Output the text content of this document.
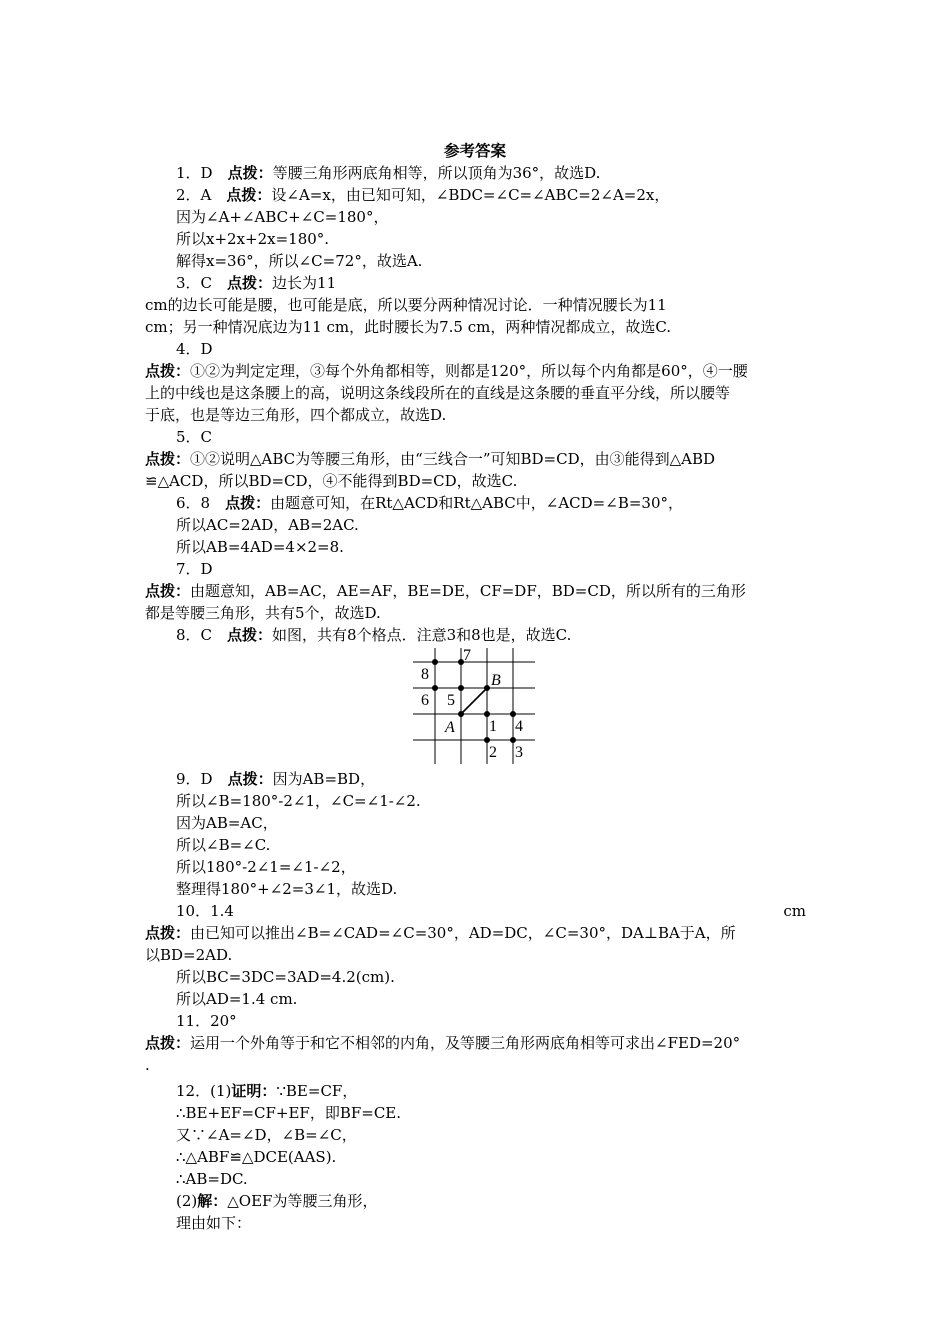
参考答案
1．D　点拨：等腰三角形两底角相等，所以顶角为36°，故选D.
2．A　点拨：设∠A=x，由已知可知，∠BDC=∠C=∠ABC=2∠A=2x，
因为∠A+∠ABC+∠C=180°，
所以x+2x+2x=180°.
解得x=36°，所以∠C=72°，故选A.
3．C　点拨：边长为11
cm的边长可能是腰，也可能是底，所以要分两种情况讨论．一种情况腰长为11
cm；另一种情况底边为11 cm，此时腰长为7.5 cm，两种情况都成立，故选C.
4．D
点拨：①②为判定定理，③每个外角都相等，则都是120°，所以每个内角都是60°，④一腰
上的中线也是这条腰上的高，说明这条线段所在的直线是这条腰的垂直平分线，所以腰等
于底，也是等边三角形，四个都成立，故选D.
5．C
点拨：①②说明△ABC为等腰三角形，由“三线合一”可知BD=CD，由③能得到△ABD
≌△ACD，所以BD=CD，④不能得到BD=CD，故选C.
6．8　点拨：由题意可知，在Rt△ACD和Rt△ABC中，∠ACD=∠B=30°，
所以AC=2AD，AB=2AC.
所以AB=4AD=4×2=8.
7．D
点拨：由题意知，AB=AC，AE=AF，BE=DE，CF=DF，BD=CD，所以所有的三角形
都是等腰三角形，共有5个，故选D.
8．C　点拨：如图，共有8个格点．注意3和8也是，故选C.
9．D　点拨：因为AB=BD，
所以∠B=180°-2∠1，∠C=∠1-∠2.
因为AB=AC，
所以∠B=∠C.
所以180°-2∠1=∠1-∠2，
整理得180°+∠2=3∠1，故选D.
10．1.4
点拨：由已知可以推出∠B=∠CAD=∠C=30°，AD=DC，∠C=30°，DA⊥BA于A，所
以BD=2AD.
所以BC=3DC=3AD=4.2(cm).
所以AD=1.4 cm.
11．20°
点拨：运用一个外角等于和它不相邻的内角，及等腰三角形两底角相等可求出∠FED=20°
.
12．(1)证明：∵BE=CF，
∴BE+EF=CF+EF，即BF=CE.
又∵∠A=∠D，∠B=∠C，
∴△ABF≌△DCE(AAS).
∴AB=DC.
(2)解：△OEF为等腰三角形，
理由如下：
cm
8
7
B
6 5
A 1 4
2 3
